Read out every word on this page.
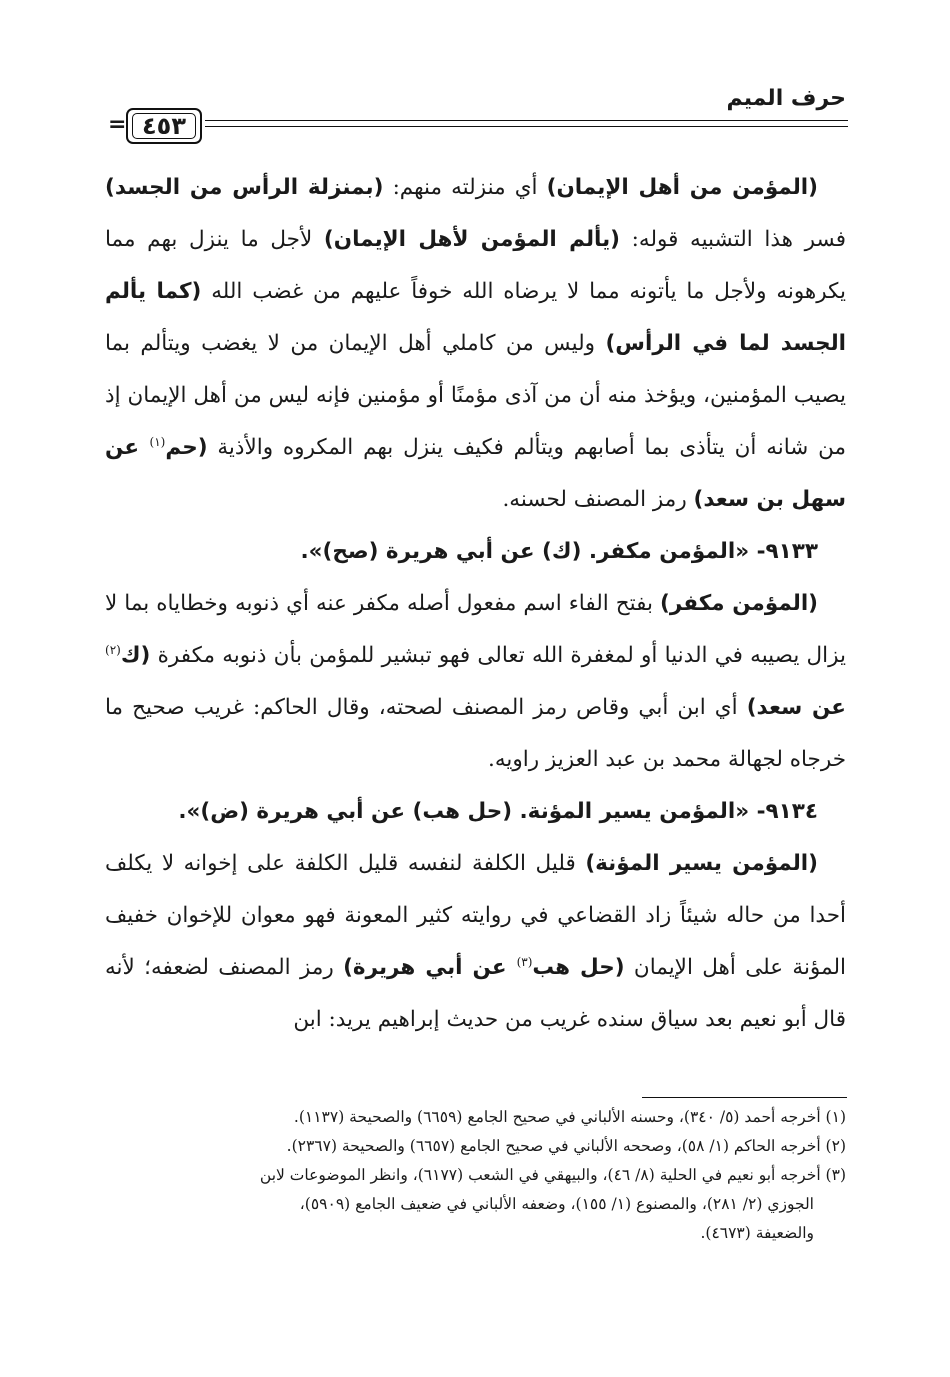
حرف الميم
٤٥٣
=

(المؤمن من أهل الإيمان) أي منزلته منهم: (بمنزلة الرأس من الجسد) فسر هذا التشبيه قوله: (يألم المؤمن لأهل الإيمان) لأجل ما ينزل بهم مما يكرهونه ولأجل ما يأتونه مما لا يرضاه الله خوفاً عليهم من غضب الله (كما يألم الجسد لما في الرأس) وليس من كاملي أهل الإيمان من لا يغضب ويتألم بما يصيب المؤمنين، ويؤخذ منه أن من آذى مؤمنًا أو مؤمنين فإنه ليس من أهل الإيمان إذ من شانه أن يتأذى بما أصابهم ويتألم فكيف ينزل بهم المكروه والأذية (حم$^{(١)}$ عن سهل بن سعد) رمز المصنف لحسنه.

٩١٣٣- «المؤمن مكفر. (ك) عن أبي هريرة (صح)».

(المؤمن مكفر) بفتح الفاء اسم مفعول أصله مكفر عنه أي ذنوبه وخطاياه بما لا يزال يصيبه في الدنيا أو لمغفرة الله تعالى فهو تبشير للمؤمن بأن ذنوبه مكفرة (ك$^{(٢)}$ عن سعد) أي ابن أبي وقاص رمز المصنف لصحته، وقال الحاكم: غريب صحيح ما خرجاه لجهالة محمد بن عبد العزيز راويه.

٩١٣٤- «المؤمن يسير المؤنة. (حل هب) عن أبي هريرة (ض)».

(المؤمن يسير المؤنة) قليل الكلفة لنفسه قليل الكلفة على إخوانه لا يكلف أحدا من حاله شيئاً زاد القضاعي في روايته كثير المعونة فهو معوان للإخوان خفيف المؤنة على أهل الإيمان (حل هب$^{(٣)}$ عن أبي هريرة) رمز المصنف لضعفه؛ لأنه قال أبو نعيم بعد سياق سنده غريب من حديث إبراهيم يريد: ابن

(١) أخرجه أحمد (٥/ ٣٤٠)، وحسنه الألباني في صحيح الجامع (٦٦٥٩) والصحيحة (١١٣٧).

(٢) أخرجه الحاكم (١/ ٥٨)، وصححه الألباني في صحيح الجامع (٦٦٥٧) والصحيحة (٢٣٦٧).

(٣) أخرجه أبو نعيم في الحلية (٨/ ٤٦)، والبيهقي في الشعب (٦١٧٧)، وانظر الموضوعات لابن

الجوزي (٢/ ٢٨١)، والمصنوع (١/ ١٥٥)، وضعفه الألباني في ضعيف الجامع (٥٩٠٩)،

والضعيفة (٤٦٧٣).
